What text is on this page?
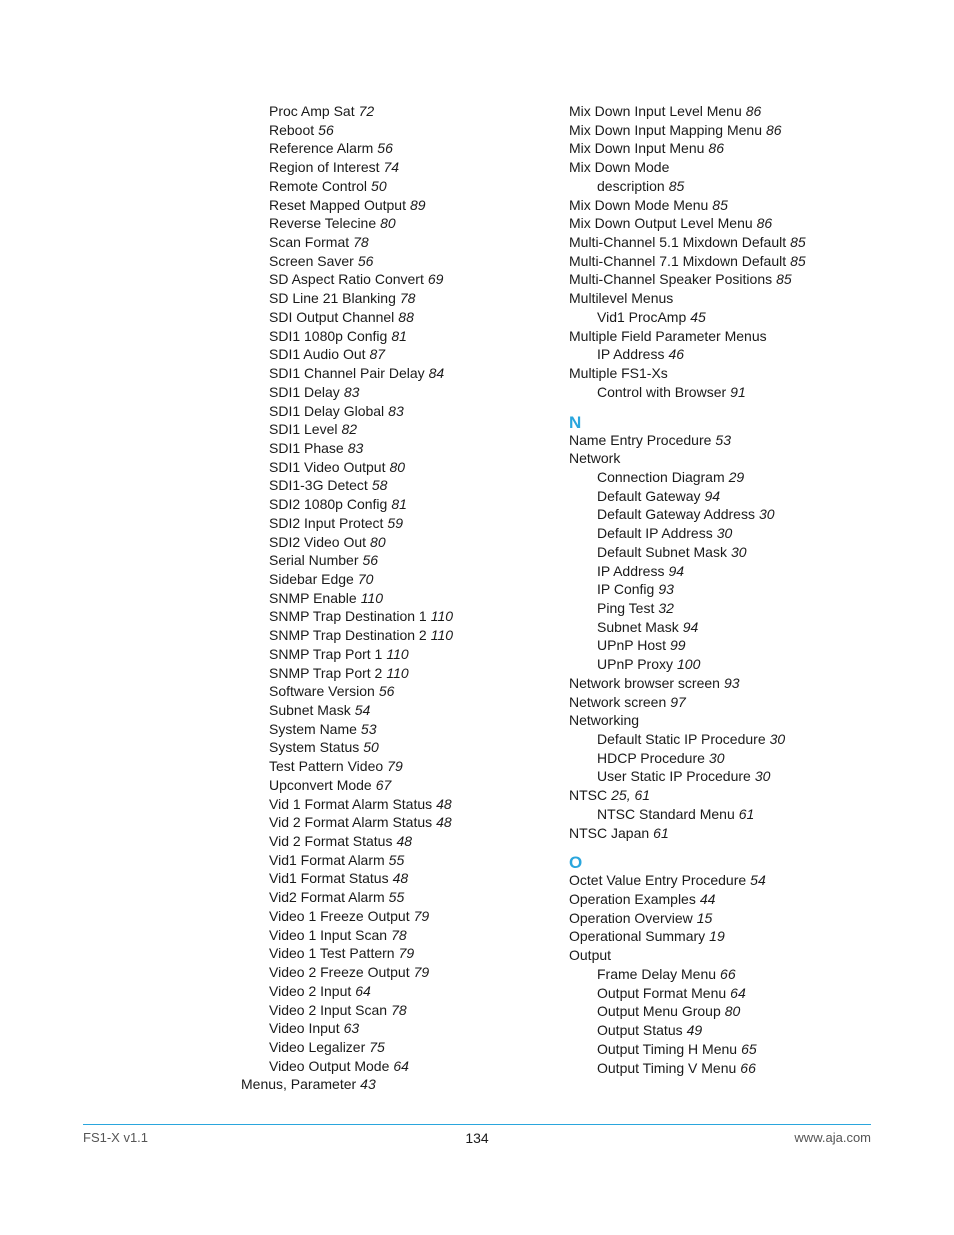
Proc Amp Sat 72
Reboot 56
Reference Alarm 56
Region of Interest 74
Remote Control 50
Reset Mapped Output 89
Reverse Telecine 80
Scan Format 78
Screen Saver 56
SD Aspect Ratio Convert 69
SD Line 21 Blanking 78
SDI Output Channel 88
SDI1 1080p Config 81
SDI1 Audio Out 87
SDI1 Channel Pair Delay 84
SDI1 Delay 83
SDI1 Delay Global 83
SDI1 Level 82
SDI1 Phase 83
SDI1 Video Output 80
SDI1-3G Detect 58
SDI2 1080p Config 81
SDI2 Input Protect 59
SDI2 Video Out 80
Serial Number 56
Sidebar Edge 70
SNMP Enable 110
SNMP Trap Destination 1 110
SNMP Trap Destination 2 110
SNMP Trap Port 1 110
SNMP Trap Port 2 110
Software Version 56
Subnet Mask 54
System Name 53
System Status 50
Test Pattern Video 79
Upconvert Mode 67
Vid 1 Format Alarm Status 48
Vid 2 Format Alarm Status 48
Vid 2 Format Status 48
Vid1 Format Alarm 55
Vid1 Format Status 48
Vid2 Format Alarm 55
Video 1 Freeze Output 79
Video 1 Input Scan 78
Video 1 Test Pattern 79
Video 2 Freeze Output 79
Video 2 Input 64
Video 2 Input Scan 78
Video Input 63
Video Legalizer 75
Video Output Mode 64
Menus, Parameter 43
Mix Down Input Level Menu 86
Mix Down Input Mapping Menu 86
Mix Down Input Menu 86
Mix Down Mode
description 85
Mix Down Mode Menu 85
Mix Down Output Level Menu 86
Multi-Channel 5.1 Mixdown Default 85
Multi-Channel 7.1 Mixdown Default 85
Multi-Channel Speaker Positions 85
Multilevel Menus
Vid1 ProcAmp 45
Multiple Field Parameter Menus
IP Address 46
Multiple FS1-Xs
Control with Browser 91
N
Name Entry Procedure 53
Network
Connection Diagram 29
Default Gateway 94
Default Gateway Address 30
Default IP Address 30
Default Subnet Mask 30
IP Address 94
IP Config 93
Ping Test 32
Subnet Mask 94
UPnP Host 99
UPnP Proxy 100
Network browser screen 93
Network screen 97
Networking
Default Static IP Procedure 30
HDCP Procedure 30
User Static IP Procedure 30
NTSC 25, 61
NTSC Standard Menu 61
NTSC Japan 61
O
Octet Value Entry Procedure 54
Operation Examples 44
Operation Overview 15
Operational Summary 19
Output
Frame Delay Menu 66
Output Format Menu 64
Output Menu Group 80
Output Status 49
Output Timing H Menu 65
Output Timing V Menu 66
FS1-X v1.1	134	www.aja.com
